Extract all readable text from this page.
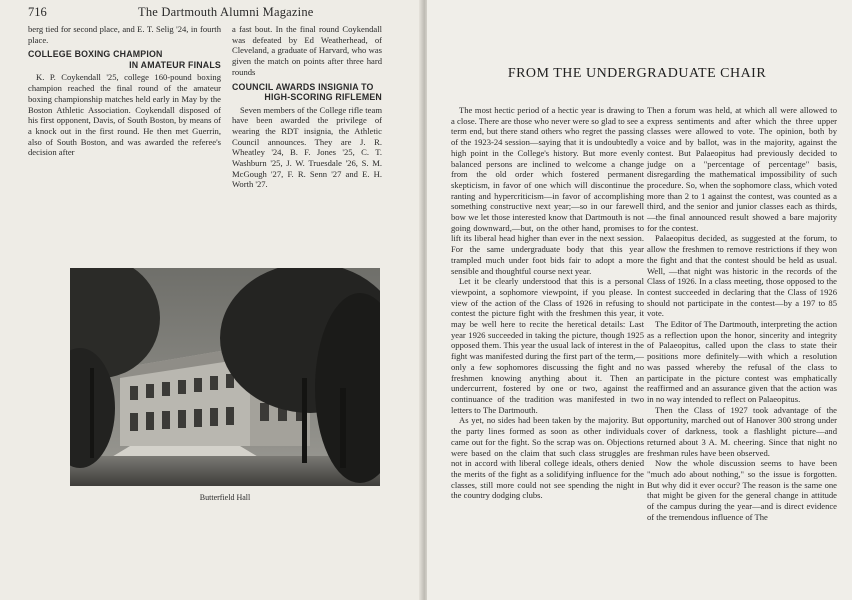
716	The Dartmouth Alumni Magazine

berg tied for second place, and E. T. Selig '24, in fourth place.

COLLEGE BOXING CHAMPION
IN AMATEUR FINALS

K. P. Coykendall '25, college 160-pound boxing champion reached the final round of the amateur boxing championship matches held early in May by the Boston Athletic Association. Coykendall disposed of his first opponent, Davis, of South Boston, by means of a knock out in the first round. He then met Guerrin, also of South Boston, and was awarded the referee's decision after

a fast bout. In the final round Coykendall was defeated by Ed Weatherhead, of Cleveland, a graduate of Harvard, who was given the match on points after three hard rounds

COUNCIL AWARDS INSIGNIA TO
HIGH-SCORING RIFLEMEN

Seven members of the College rifle team have been awarded the privilege of wearing the RDT insignia, the Athletic Council announces. They are J. R. Wheatley '24, B. F. Jones '25, C. T. Washburn '25, J. W. Truesdale '26, S. M. McGough '27, F. R. Senn '27 and E. H. Worth '27.

Butterfield Hall
FROM THE UNDERGRADUATE CHAIR

The most hectic period of a hectic year is drawing to a close. There are those who never were so glad to see a term end, but there stand others who regret the passing of the 1923-24 session—saying that it is undoubtedly a high point in the College's history. But more evenly balanced persons are inclined to welcome a change from the old order which fostered permanent skepticism, in favor of one which will discontinue the ranting and hypercriticism—in favor of accomplishing something constructive next year;—so in our farewell bow we let those interested know that Dartmouth is not going downward,—but, on the other hand, promises to lift its liberal head higher than ever in the next session. For the same undergraduate body that this year trampled much under foot bids fair to adopt a more sensible and thoughtful course next year.

Let it be clearly understood that this is a personal viewpoint, a sophomore viewpoint, if you please. In view of the action of the Class of 1926 in refusing to contest the picture fight with the freshmen this year, it may be well here to recite the heretical details: Last year 1926 succeeded in taking the picture, though 1925 opposed them. This year the usual lack of interest in the fight was manifested during the first part of the term,—only a few sophomores discussing the fight and no freshmen knowing anything about it. Then an undercurrent, fostered by one or two, against the continuance of the tradition was manifested in two letters to The Dartmouth.

As yet, no sides had been taken by the majority. But the party lines formed as soon as other individuals came out for the fight. So the scrap was on. Objections were based on the claim that such class struggles are not in accord with liberal college ideals, others denied the merits of the fight as a solidifying influence for the classes, still more could not see spending the night in the country dodging clubs.

Then a forum was held, at which all were allowed to express sentiments and after which the three upper classes were allowed to vote. The opinion, both by voice and by ballot, was in the majority, against the contest. But Palaeopitus had previously decided to judge on a "percentage of percentage" basis, disregarding the mathematical impossibility of such procedure. So, when the sophomore class, which voted more than 2 to 1 against the contest, was counted as a third, and the senior and junior classes each as thirds,—the final announced result showed a bare majority for the contest.

Palaeopitus decided, as suggested at the forum, to allow the freshmen to remove restrictions if they won the fight and that the contest should be held as usual. Well, —that night was historic in the records of the Class of 1926. In a class meeting, those opposed to the contest succeeded in declaring that the Class of 1926 should not participate in the contest—by a 197 to 85 vote.

The Editor of The Dartmouth, interpreting the action as a reflection upon the honor, sincerity and integrity of Palaeopitus, called upon the class to state their positions more definitely—with which a resolution was passed whereby the refusal of the class to participate in the picture contest was emphatically reaffirmed and an assurance given that the action was in no way intended to reflect on Palaeopitus.

Then the Class of 1927 took advantage of the opportunity, marched out of Hanover 300 strong under cover of darkness, took a flashlight picture—and returned about 3 A. M. cheering. Since that night no freshman rules have been observed.

Now the whole discussion seems to have been "much ado about nothing," so the issue is forgotten. But why did it ever occur? The reason is the same one that might be given for the general change in attitude of the campus during the year—and is direct evidence of the tremendous influence of The
